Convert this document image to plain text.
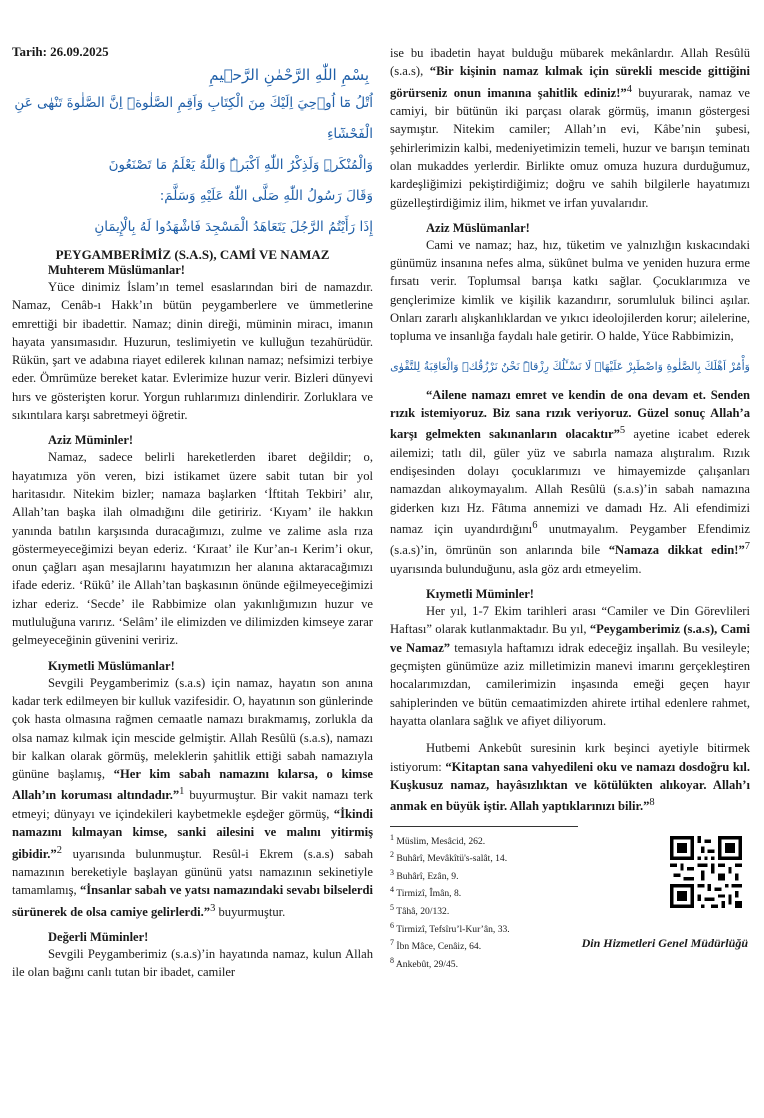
Tarih: 26.09.2025

بِسْمِ اللّٰهِ الرَّحْمٰنِ الرَّح۪يمِ

اُتْلُ مَٓا اُو۫حِيَ اِلَيْكَ مِنَ الْكِتَابِ وَاَقِمِ الصَّلٰوةَۜ اِنَّ الصَّلٰوةَ تَنْهٰى عَنِ الْفَحْشَٓاءِ

وَالْمُنْكَرِۜ وَلَذِكْرُ اللّٰهِ اَكْبَرُۜ وَاللّٰهُ يَعْلَمُ مَا تَصْنَعُونَ

وَقَالَ رَسُولُ اللّٰهِ صَلَّى اللّٰهُ عَلَيْهِ وَسَلَّمَ:

إِذَا رَأَيْتُمُ الرَّجُلَ يَتَعَاهَدُ الْمَسْجِدَ فَاشْهَدُوا لَهُ بِالْإِيمَانِ

PEYGAMBERİMİZ (S.A.S), CAMİ VE NAMAZ

Muhterem Müslümanlar!

Yüce dinimiz İslam’ın temel esaslarından biri de namazdır. Namaz, Cenâb-ı Hakk’ın bütün peygamberlere ve ümmetlerine emrettiği bir ibadettir. Namaz; dinin direği, müminin miracı, imanın hayata yansımasıdır. Huzurun, teslimiyetin ve kulluğun tezahürüdür. Rükün, şart ve adabına riayet edilerek kılınan namaz; nefsimizi terbiye eder. Ömrümüze bereket katar. Evlerimize huzur verir. Bizleri dünyevi hırs ve gösterişten korur. Yorgun ruhlarımızı dinlendirir. Zorluklara ve sıkıntılara karşı sabretmeyi öğretir.

Aziz Müminler!

Namaz, sadece belirli hareketlerden ibaret değildir; o, hayatımıza yön veren, bizi istikamet üzere sabit tutan bir yol haritasıdır. Nitekim bizler; namaza başlarken ‘İftitah Tekbiri’ alır, Allah’tan başka ilah olmadığını dile getiririz. ‘Kıyam’ ile hakkın yanında batılın karşısında duracağımızı, zulme ve zalime asla rıza göstermeyeceğimizi beyan ederiz. ‘Kıraat’ ile Kur’an-ı Kerim’i okur, onun çağları aşan mesajlarını hayatımızın her alanına aktaracağımızı ifade ederiz. ‘Rükû’ ile Allah’tan başkasının önünde eğilmeyeceğimizi izhar ederiz. ‘Secde’ ile Rabbimize olan yakınlığımızın huzur ve mutluluğuna varırız. ‘Selâm’ ile elimizden ve dilimizden kimseye zarar gelmeyeceğinin güvenini veririz.

Kıymetli Müslümanlar!

Sevgili Peygamberimiz (s.a.s) için namaz, hayatın son anına kadar terk edilmeyen bir kulluk vazifesidir. O, hayatının son günlerinde çok hasta olmasına rağmen cemaatle namazı bırakmamış, zorlukla da olsa namaz kılmak için mescide gelmiştir. Allah Resûlü (s.a.s), namazı bir kalkan olarak görmüş, meleklerin şahitlik ettiği sabah namazıyla gününe başlamış, “Her kim sabah namazını kılarsa, o kimse Allah’ın koruması altındadır.”$^1$ buyurmuştur. Bir vakit namazı terk etmeyi; dünyayı ve içindekileri kaybetmekle eşdeğer görmüş, “İkindi namazını kılmayan kimse, sanki ailesini ve malını yitirmiş gibidir.”$^2$ uyarısında bulunmuştur. Resûl-i Ekrem (s.a.s) sabah namazının bereketiyle başlayan gününü yatsı namazının sekinetiyle tamamlamış, “İnsanlar sabah ve yatsı namazındaki sevabı bilselerdi sürünerek de olsa camiye gelirlerdi.”$^3$ buyurmuştur.

Değerli Müminler!

Sevgili Peygamberimiz (s.a.s)’in hayatında namaz, kulun Allah ile olan bağını canlı tutan bir ibadet, camiler

ise bu ibadetin hayat bulduğu mübarek mekânlardır. Allah Resûlü (s.a.s), “Bir kişinin namaz kılmak için sürekli mescide gittiğini görürseniz onun imanına şahitlik ediniz!”$^4$ buyurarak, namaz ve camiyi, bir bütünün iki parçası olarak görmüş, imanın göstergesi saymıştır. Nitekim camiler; Allah’ın evi, Kâbe’nin şubesi, şehirlerimizin kalbi, medeniyetimizin temeli, huzur ve barışın teminatı olan mukaddes yerlerdir. Birlikte omuz omuza huzura durduğumuz, kardeşliğimizi pekiştirdiğimiz; doğru ve sahih bilgilerle hayatımızı güzelleştirdiğimiz ilim, hikmet ve irfan yuvalarıdır.

Aziz Müslümanlar!

Cami ve namaz; haz, hız, tüketim ve yalnızlığın kıskacındaki günümüz insanına nefes alma, sükûnet bulma ve yeniden huzura erme fırsatı verir. Toplumsal barışa katkı sağlar. Çocuklarımıza ve gençlerimize kimlik ve kişilik kazandırır, sorumluluk bilinci aşılar. Onları zararlı alışkanlıklardan ve yıkıcı ideolojilerden korur; ailelerine, topluma ve insanlığa faydalı hale getirir. O halde, Yüce Rabbimizin,

وَأْمُرْ اَهْلَكَ بِالصَّلٰوةِ وَاصْطَبِرْ عَلَيْهَاۜ لَا نَسْـَٔلُكَ رِزْقاًۜ نَحْنُ نَرْزُقُكَۜ وَالْعَاقِبَةُ لِلتَّقْوٰى

“Ailene namazı emret ve kendin de ona devam et. Senden rızık istemiyoruz. Biz sana rızık veriyoruz. Güzel sonuç Allah’a karşı gelmekten sakınanların olacaktır”$^5$ ayetine icabet ederek ailemizi; tatlı dil, güler yüz ve sabırla namaza alıştıralım. Rızık endişesinden dolayı çocuklarımızı ve himayemizde çalışanları namazdan alıkoymayalım. Allah Resûlü (s.a.s)’in sabah namazına giderken kızı Hz. Fâtıma annemizi ve damadı Hz. Ali efendimizi namaz için uyandırdığını$^6$ unutmayalım. Peygamber Efendimiz (s.a.s)’in, ömrünün son anlarında bile “Namaza dikkat edin!”$^7$ uyarısında bulunduğunu, asla göz ardı etmeyelim.

Kıymetli Müminler!

Her yıl, 1-7 Ekim tarihleri arası “Camiler ve Din Görevlileri Haftası” olarak kutlanmaktadır. Bu yıl, “Peygamberimiz (s.a.s), Cami ve Namaz” temasıyla haftamızı idrak edeceğiz inşallah. Bu vesileyle; geçmişten günümüze aziz milletimizin manevi imarını gerçekleştiren hocalarımızdan, camilerimizin inşasında emeği geçen hayır sahiplerinden ve bütün cemaatimizden ahirete irtihal edenlere rahmet, hayatta olanlara sağlık ve afiyet diliyorum.

Hutbemi Ankebût suresinin kırk beşinci ayetiyle bitirmek istiyorum: “Kitaptan sana vahyedileni oku ve namazı dosdoğru kıl. Kuşkusuz namaz, hayâsızlıktan ve kötülükten alıkoyar. Allah’ı anmak en büyük iştir. Allah yaptıklarınızı bilir.”$^8$

$^1$ Müslim, Mesâcid, 262.
$^2$ Buhârî, Mevâkîtü's-salât, 14.
$^3$ Buhârî, Ezân, 9.
$^4$ Tirmizî, Îmân, 8.
$^5$ Tâhâ, 20/132.
$^6$ Tirmizî, Tefsîru’l-Kur’ân, 33.
$^7$ İbn Mâce, Cenâiz, 64.
$^8$ Ankebût, 29/45.
Din Hizmetleri Genel Müdürlüğü
